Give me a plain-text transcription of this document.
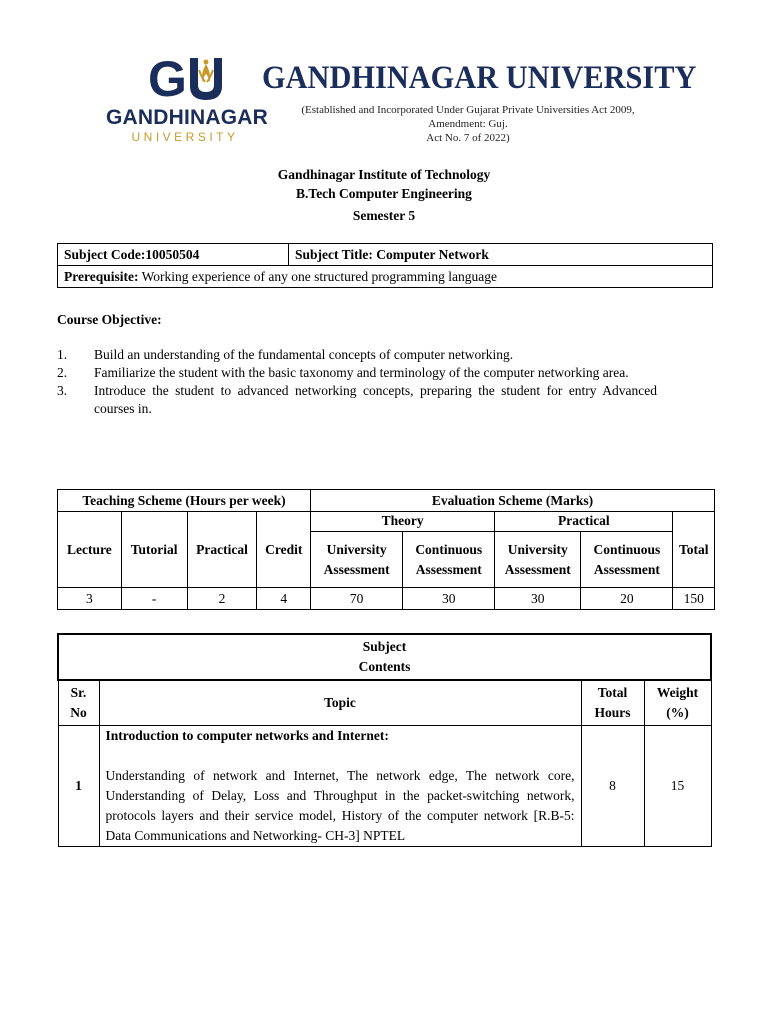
G
GANDHINAGAR
UNIVERSITY
GANDHINAGAR UNIVERSITY
(Established and Incorporated Under Gujarat Private Universities Act 2009, Amendment: Guj.
Act No. 7 of 2022)
Gandhinagar Institute of Technology
B.Tech Computer Engineering
Semester 5
Subject Code:10050504	Subject Title: Computer Network
Prerequisite: Working experience of any one structured programming language
Course Objective:
1.	Build an understanding of the fundamental concepts of computer networking.
2.	Familiarize the student with the basic taxonomy and terminology of the computer networking area.
3.	Introduce the student to advanced networking concepts, preparing the student for entry Advanced courses in.
Teaching Scheme (Hours per week)				Evaluation Scheme (Marks)				
Lecture	Tutorial	Practical	Credit	Theory		Practical		Total
				University Assessment	Continuous Assessment	University Assessment	Continuous Assessment	
3	-	2	4	70	30	30	20	150
Subject
Contents			

Sr. No	Topic	Total Hours	Weight (%)
1	Introduction to computer networks and Internet:
Understanding of network and Internet, The network edge, The network core, Understanding of Delay, Loss and Throughput in the packet-switching network, protocols layers and their service model, History of the computer network [R.B-5: Data Communications and Networking- CH-3] NPTEL	8	15
